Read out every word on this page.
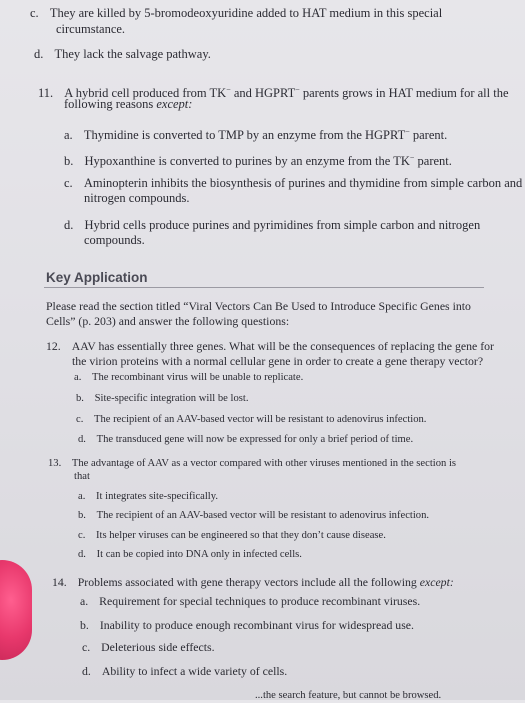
c. They are killed by 5-bromodeoxyuridine added to HAT medium in this special
circumstance.
d. They lack the salvage pathway.
11. A hybrid cell produced from TK− and HGPRT− parents grows in HAT medium for all the
following reasons except:
a. Thymidine is converted to TMP by an enzyme from the HGPRT− parent.
b. Hypoxanthine is converted to purines by an enzyme from the TK− parent.
c. Aminopterin inhibits the biosynthesis of purines and thymidine from simple carbon and
nitrogen compounds.
d. Hybrid cells produce purines and pyrimidines from simple carbon and nitrogen
compounds.
Key Application
Please read the section titled “Viral Vectors Can Be Used to Introduce Specific Genes into
Cells” (p. 203) and answer the following questions:
12. AAV has essentially three genes. What will be the consequences of replacing the gene for
the virion proteins with a normal cellular gene in order to create a gene therapy vector?
a. The recombinant virus will be unable to replicate.
b. Site-specific integration will be lost.
c. The recipient of an AAV-based vector will be resistant to adenovirus infection.
d. The transduced gene will now be expressed for only a brief period of time.
13. The advantage of AAV as a vector compared with other viruses mentioned in the section is
that
a. It integrates site-specifically.
b. The recipient of an AAV-based vector will be resistant to adenovirus infection.
c. Its helper viruses can be engineered so that they don’t cause disease.
d. It can be copied into DNA only in infected cells.
14. Problems associated with gene therapy vectors include all the following except:
a. Requirement for special techniques to produce recombinant viruses.
b. Inability to produce enough recombinant virus for widespread use.
c. Deleterious side effects.
d. Ability to infect a wide variety of cells.
...the search feature, but cannot be browsed.
